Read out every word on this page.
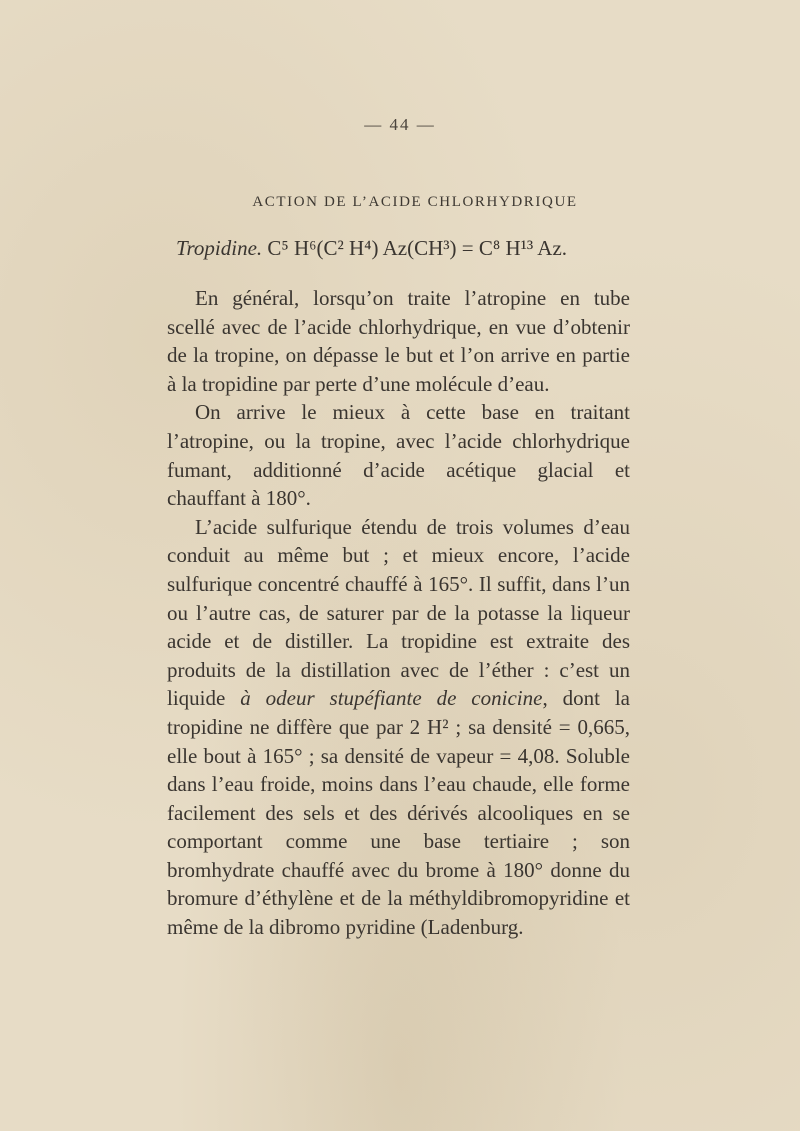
— 44 —
ACTION DE L’ACIDE CHLORHYDRIQUE
Tropidine. C⁵ H⁶(C² H⁴) Az(CH³) = C⁸ H¹³ Az.

En général, lorsqu’on traite l’atropine en tube scellé avec de l’acide chlorhydrique, en vue d’obtenir de la tropine, on dépasse le but et l’on arrive en partie à la tropidine par perte d’une molécule d’eau.

On arrive le mieux à cette base en traitant l’atropine, ou la tropine, avec l’acide chlorhydrique fumant, additionné d’acide acétique glacial et chauffant à 180°.

L’acide sulfurique étendu de trois volumes d’eau conduit au même but ; et mieux encore, l’acide sulfurique concentré chauffé à 165°. Il suffit, dans l’un ou l’autre cas, de saturer par de la potasse la liqueur acide et de distiller. La tropidine est extraite des produits de la distillation avec de l’éther : c’est un liquide à odeur stupéfiante de conicine, dont la tropidine ne diffère que par 2 H² ; sa densité = 0,665, elle bout à 165° ; sa densité de vapeur = 4,08. Soluble dans l’eau froide, moins dans l’eau chaude, elle forme facilement des sels et des dérivés alcooliques en se comportant comme une base tertiaire ; son bromhydrate chauffé avec du brome à 180° donne du bromure d’éthylène et de la méthyldibromopyridine et même de la dibromo pyridine (Ladenburg.
